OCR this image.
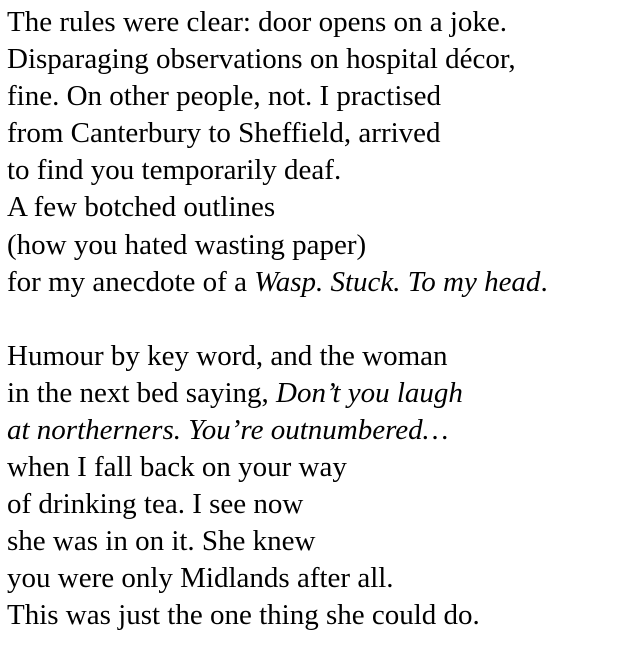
The rules were clear: door opens on a joke.
Disparaging observations on hospital décor,
fine. On other people, not. I practised
from Canterbury to Sheffield, arrived
to find you temporarily deaf.
A few botched outlines
(how you hated wasting paper)
for my anecdote of a Wasp. Stuck. To my head.
Humour by key word, and the woman
in the next bed saying, Don’t you laugh
at northerners. You’re outnumbered…
when I fall back on your way
of drinking tea. I see now
she was in on it. She knew
you were only Midlands after all.
This was just the one thing she could do.
